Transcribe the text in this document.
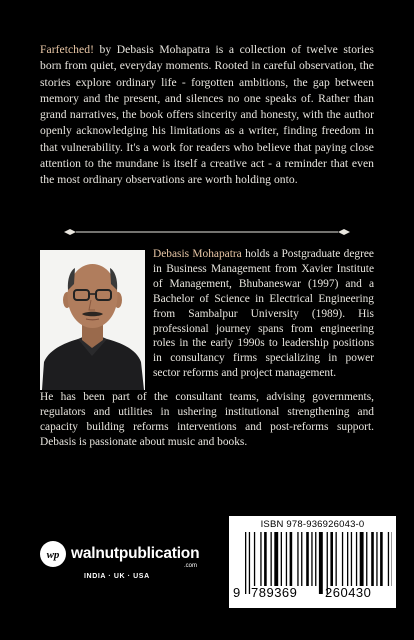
Farfetched! by Debasis Mohapatra is a collection of twelve stories born from quiet, everyday moments. Rooted in careful observation, the stories explore ordinary life - forgotten ambitions, the gap between memory and the present, and silences no one speaks of. Rather than grand narratives, the book offers sincerity and honesty, with the author openly acknowledging his limitations as a writer, finding freedom in that vulnerability. It's a work for readers who believe that paying close attention to the mundane is itself a creative act - a reminder that even the most ordinary observations are worth holding onto.

Debasis Mohapatra holds a Postgraduate degree in Business Management from Xavier Institute of Management, Bhubaneswar (1997) and a Bachelor of Science in Electrical Engineering from Sambalpur University (1989). His professional journey spans from engineering roles in the early 1990s to leadership positions in consultancy firms specializing in power sector reforms and project management.

He has been part of the consultant teams, advising governments, regulators and utilities in ushering institutional strengthening and capacity building reforms interventions and post-reforms support. Debasis is passionate about music and books.

wp walnutpublication
.com
INDIA · UK · USA
ISBN 978-936926043-0
9 789369 260430
